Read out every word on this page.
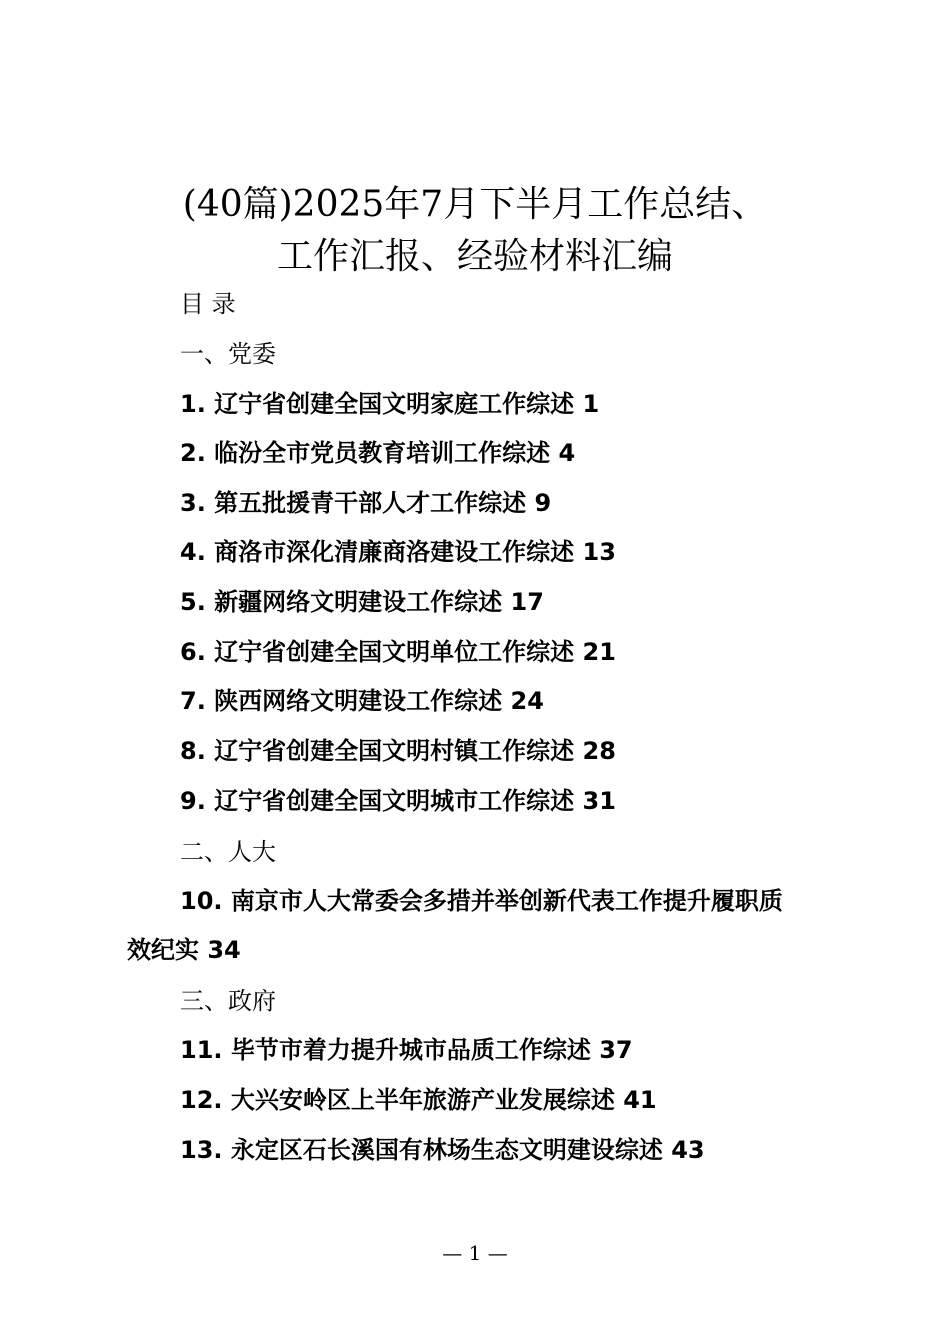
(40篇)2025年7月下半月工作总结、
工作汇报、经验材料汇编
目 录
一、党委
1. 辽宁省创建全国文明家庭工作综述 1
2. 临汾全市党员教育培训工作综述 4
3. 第五批援青干部人才工作综述 9
4. 商洛市深化清廉商洛建设工作综述 13
5. 新疆网络文明建设工作综述 17
6. 辽宁省创建全国文明单位工作综述 21
7. 陕西网络文明建设工作综述 24
8. 辽宁省创建全国文明村镇工作综述 28
9. 辽宁省创建全国文明城市工作综述 31
二、人大
10. 南京市人大常委会多措并举创新代表工作提升履职质
效纪实 34
三、政府
11. 毕节市着力提升城市品质工作综述 37
12. 大兴安岭区上半年旅游产业发展综述 41
13. 永定区石长溪国有林场生态文明建设综述 43
— 1 —
